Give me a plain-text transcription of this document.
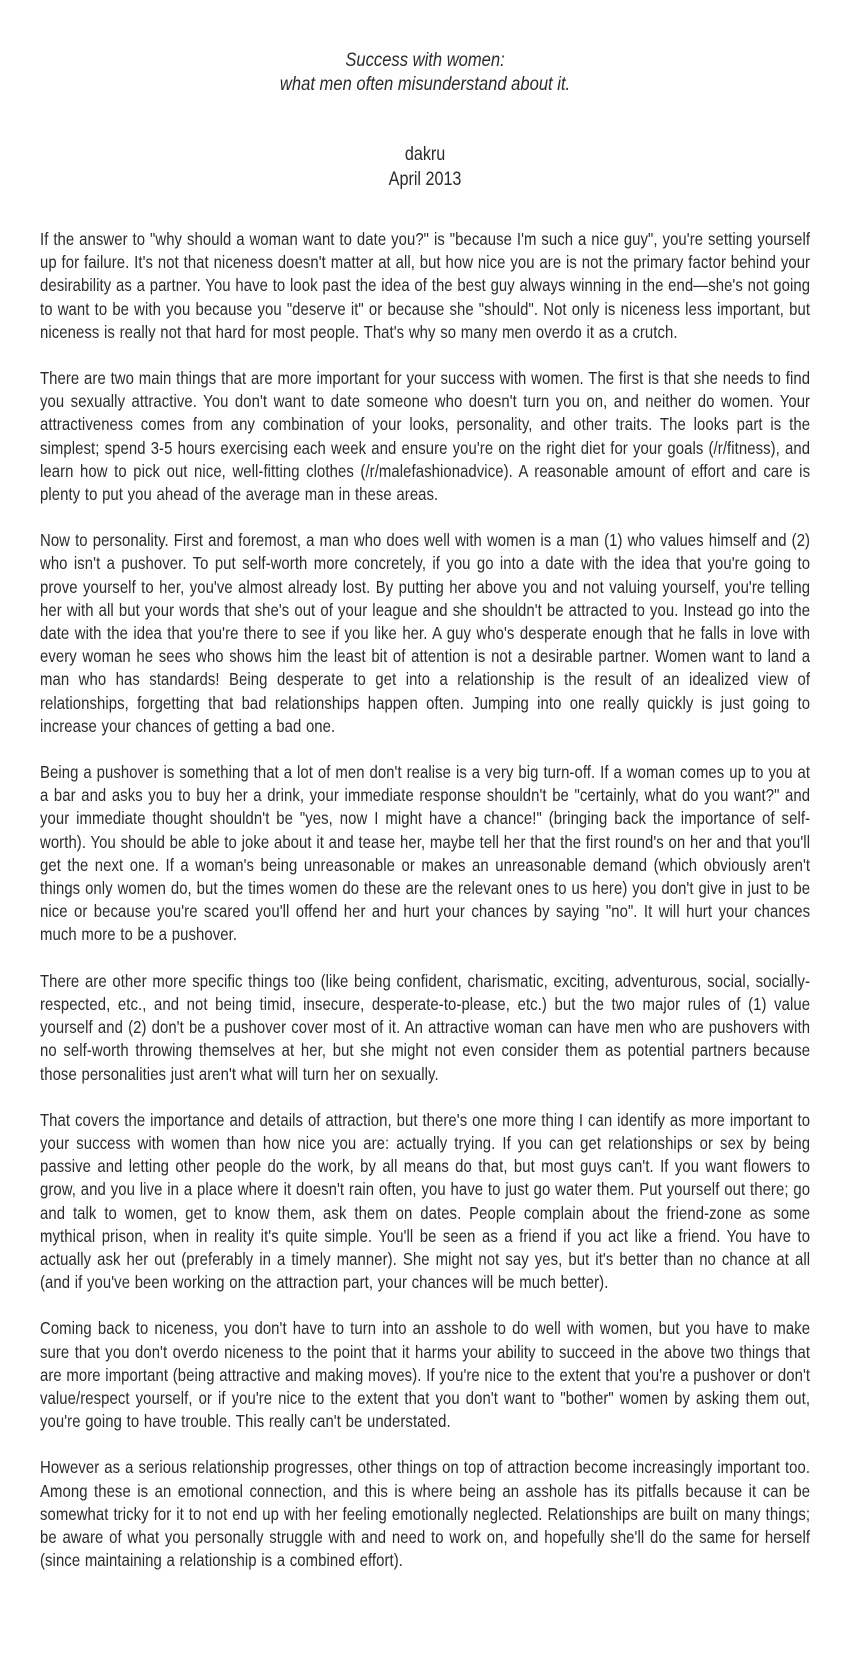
Success with women:
what men often misunderstand about it.
dakru
April 2013

If the answer to "why should a woman want to date you?" is "because I'm such a nice guy", you're setting yourself up for failure. It's not that niceness doesn't matter at all, but how nice you are is not the primary factor behind your desirability as a partner. You have to look past the idea of the best guy always winning in the end—she's not going to want to be with you because you "deserve it" or because she "should". Not only is niceness less important, but niceness is really not that hard for most people. That's why so many men overdo it as a crutch.

There are two main things that are more important for your success with women. The first is that she needs to find you sexually attractive. You don't want to date someone who doesn't turn you on, and neither do women. Your attractiveness comes from any combination of your looks, personality, and other traits. The looks part is the simplest; spend 3-5 hours exercising each week and ensure you're on the right diet for your goals (/r/fitness), and learn how to pick out nice, well-fitting clothes (/r/malefashionadvice). A reasonable amount of effort and care is plenty to put you ahead of the average man in these areas.

Now to personality. First and foremost, a man who does well with women is a man (1) who values himself and (2) who isn't a pushover. To put self-worth more concretely, if you go into a date with the idea that you're going to prove yourself to her, you've almost already lost. By putting her above you and not valuing yourself, you're telling her with all but your words that she's out of your league and she shouldn't be attracted to you. Instead go into the date with the idea that you're there to see if you like her. A guy who's desperate enough that he falls in love with every woman he sees who shows him the least bit of attention is not a desirable partner. Women want to land a man who has standards! Being desperate to get into a relationship is the result of an idealized view of relationships, forgetting that bad relationships happen often. Jumping into one really quickly is just going to increase your chances of getting a bad one.

Being a pushover is something that a lot of men don't realise is a very big turn-off. If a woman comes up to you at a bar and asks you to buy her a drink, your immediate response shouldn't be "certainly, what do you want?" and your immediate thought shouldn't be "yes, now I might have a chance!" (bringing back the importance of self-worth). You should be able to joke about it and tease her, maybe tell her that the first round's on her and that you'll get the next one. If a woman's being unreasonable or makes an unreasonable demand (which obviously aren't things only women do, but the times women do these are the relevant ones to us here) you don't give in just to be nice or because you're scared you'll offend her and hurt your chances by saying "no". It will hurt your chances much more to be a pushover.

There are other more specific things too (like being confident, charismatic, exciting, adventurous, social, socially-respected, etc., and not being timid, insecure, desperate-to-please, etc.) but the two major rules of (1) value yourself and (2) don't be a pushover cover most of it. An attractive woman can have men who are pushovers with no self-worth throwing themselves at her, but she might not even consider them as potential partners because those personalities just aren't what will turn her on sexually.

That covers the importance and details of attraction, but there's one more thing I can identify as more important to your success with women than how nice you are: actually trying. If you can get relationships or sex by being passive and letting other people do the work, by all means do that, but most guys can't. If you want flowers to grow, and you live in a place where it doesn't rain often, you have to just go water them. Put yourself out there; go and talk to women, get to know them, ask them on dates. People complain about the friend-zone as some mythical prison, when in reality it's quite simple. You'll be seen as a friend if you act like a friend. You have to actually ask her out (preferably in a timely manner). She might not say yes, but it's better than no chance at all (and if you've been working on the attraction part, your chances will be much better).

Coming back to niceness, you don't have to turn into an asshole to do well with women, but you have to make sure that you don't overdo niceness to the point that it harms your ability to succeed in the above two things that are more important (being attractive and making moves). If you're nice to the extent that you're a pushover or don't value/respect yourself, or if you're nice to the extent that you don't want to "bother" women by asking them out, you're going to have trouble. This really can't be understated.

However as a serious relationship progresses, other things on top of attraction become increasingly important too. Among these is an emotional connection, and this is where being an asshole has its pitfalls because it can be somewhat tricky for it to not end up with her feeling emotionally neglected. Relationships are built on many things; be aware of what you personally struggle with and need to work on, and hopefully she'll do the same for herself (since maintaining a relationship is a combined effort).
